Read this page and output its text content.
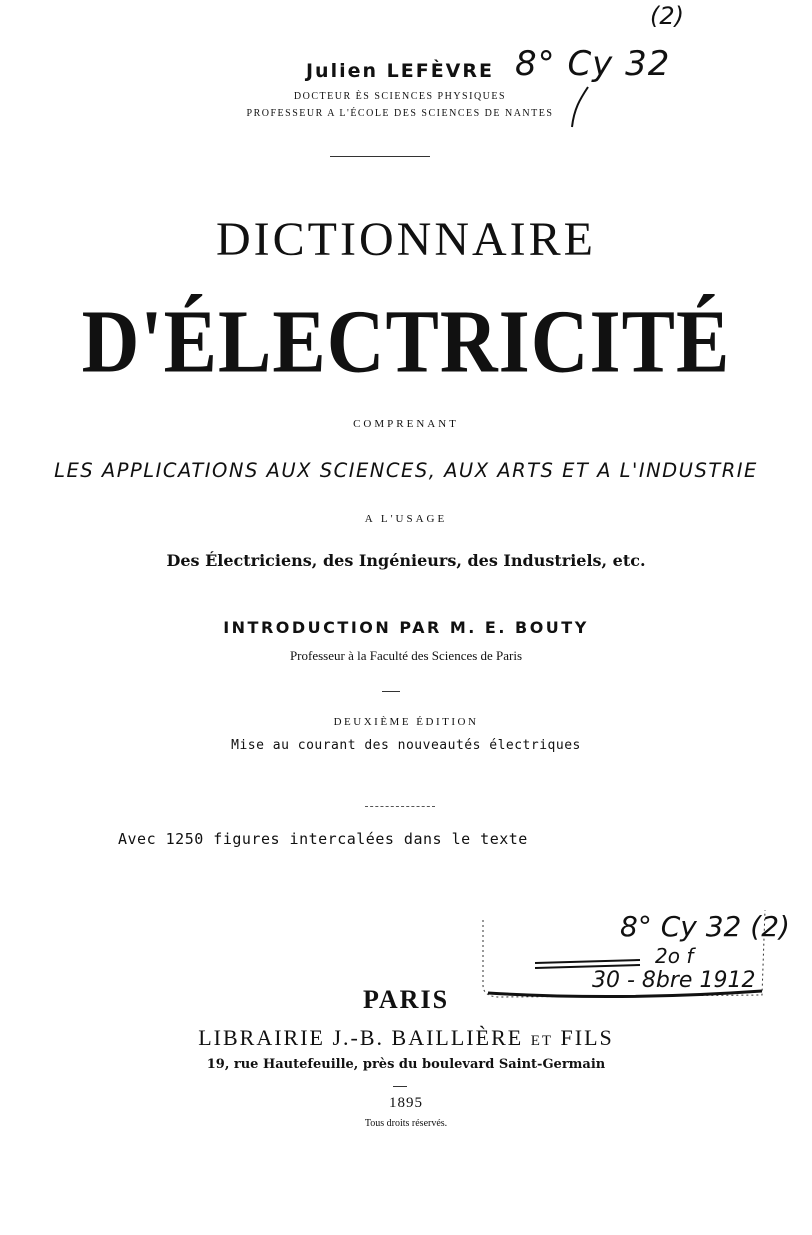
(2)
8° Cy 32
Julien LEFÈVRE
DOCTEUR ÈS SCIENCES PHYSIQUES
PROFESSEUR A L'ÉCOLE DES SCIENCES DE NANTES
DICTIONNAIRE
D'ÉLECTRICITÉ
COMPRENANT
LES APPLICATIONS AUX SCIENCES, AUX ARTS ET A L'INDUSTRIE
A L'USAGE
Des Électriciens, des Ingénieurs, des Industriels, etc.
INTRODUCTION PAR M. E. BOUTY
Professeur à la Faculté des Sciences de Paris
DEUXIÈME ÉDITION
Mise au courant des nouveautés électriques
Avec 1250 figures intercalées dans le texte
8° Cy 32 (2)
2o f
30 - 8bre 1912
PARIS
LIBRAIRIE J.-B. BAILLIÈRE ET FILS
19, rue Hautefeuille, près du boulevard Saint-Germain
1895
Tous droits réservés.
